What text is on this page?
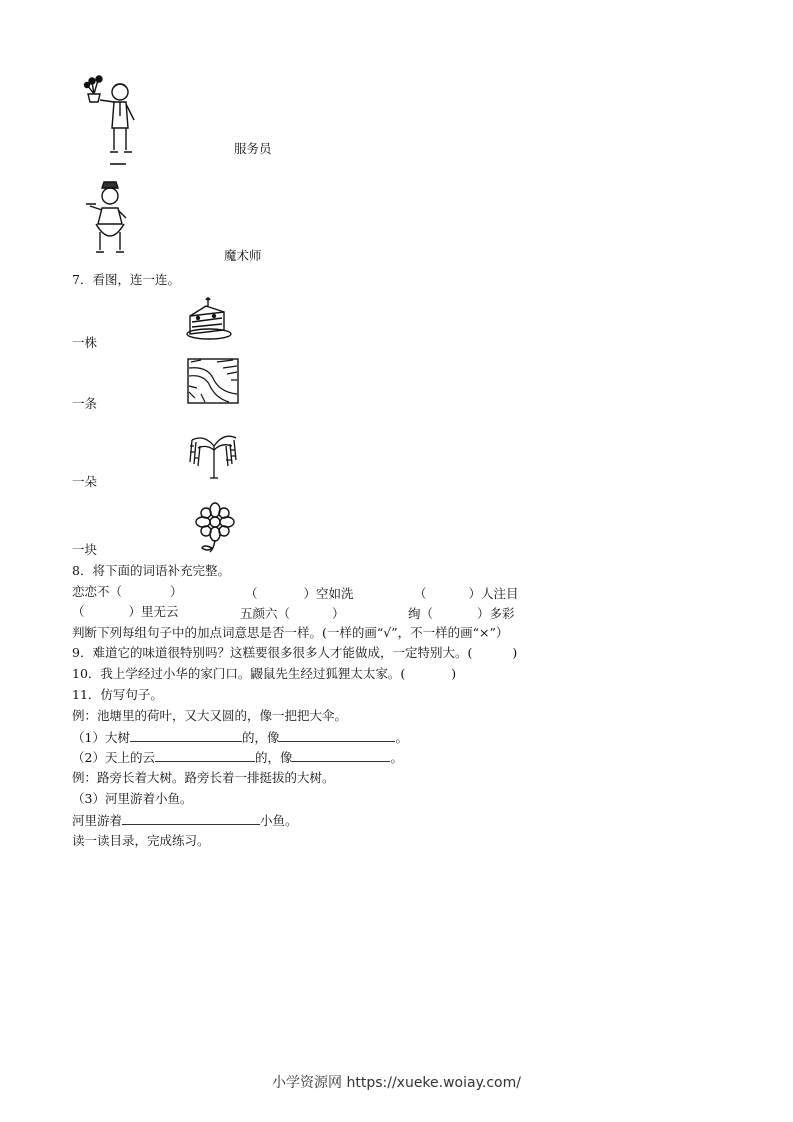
服务员
魔术师
7．看图，连一连。
一株
一条
一朵
一块
8．将下面的词语补充完整。
恋恋不（	）	（	）空如洗	（	）人注目
（	）里无云	五颜六（	）	绚（	）多彩
判断下列每组句子中的加点词意思是否一样。(一样的画“√”，不一样的画“×”）
9．难道它的味道很特别吗？这糕要很多很多人才能做成，一定特别大。(	)
10．我上学经过小华的家门口。鼹鼠先生经过狐狸太太家。(	)
11．仿写句子。
例：池塘里的荷叶，又大又圆的，像一把把大伞。
（1）大树	的，像	。
（2）天上的云	的，像	。
例：路旁长着大树。路旁长着一排挺拔的大树。
（3）河里游着小鱼。
河里游着	小鱼。
读一读目录，完成练习。
小学资源网 https://xueke.woiay.com/
